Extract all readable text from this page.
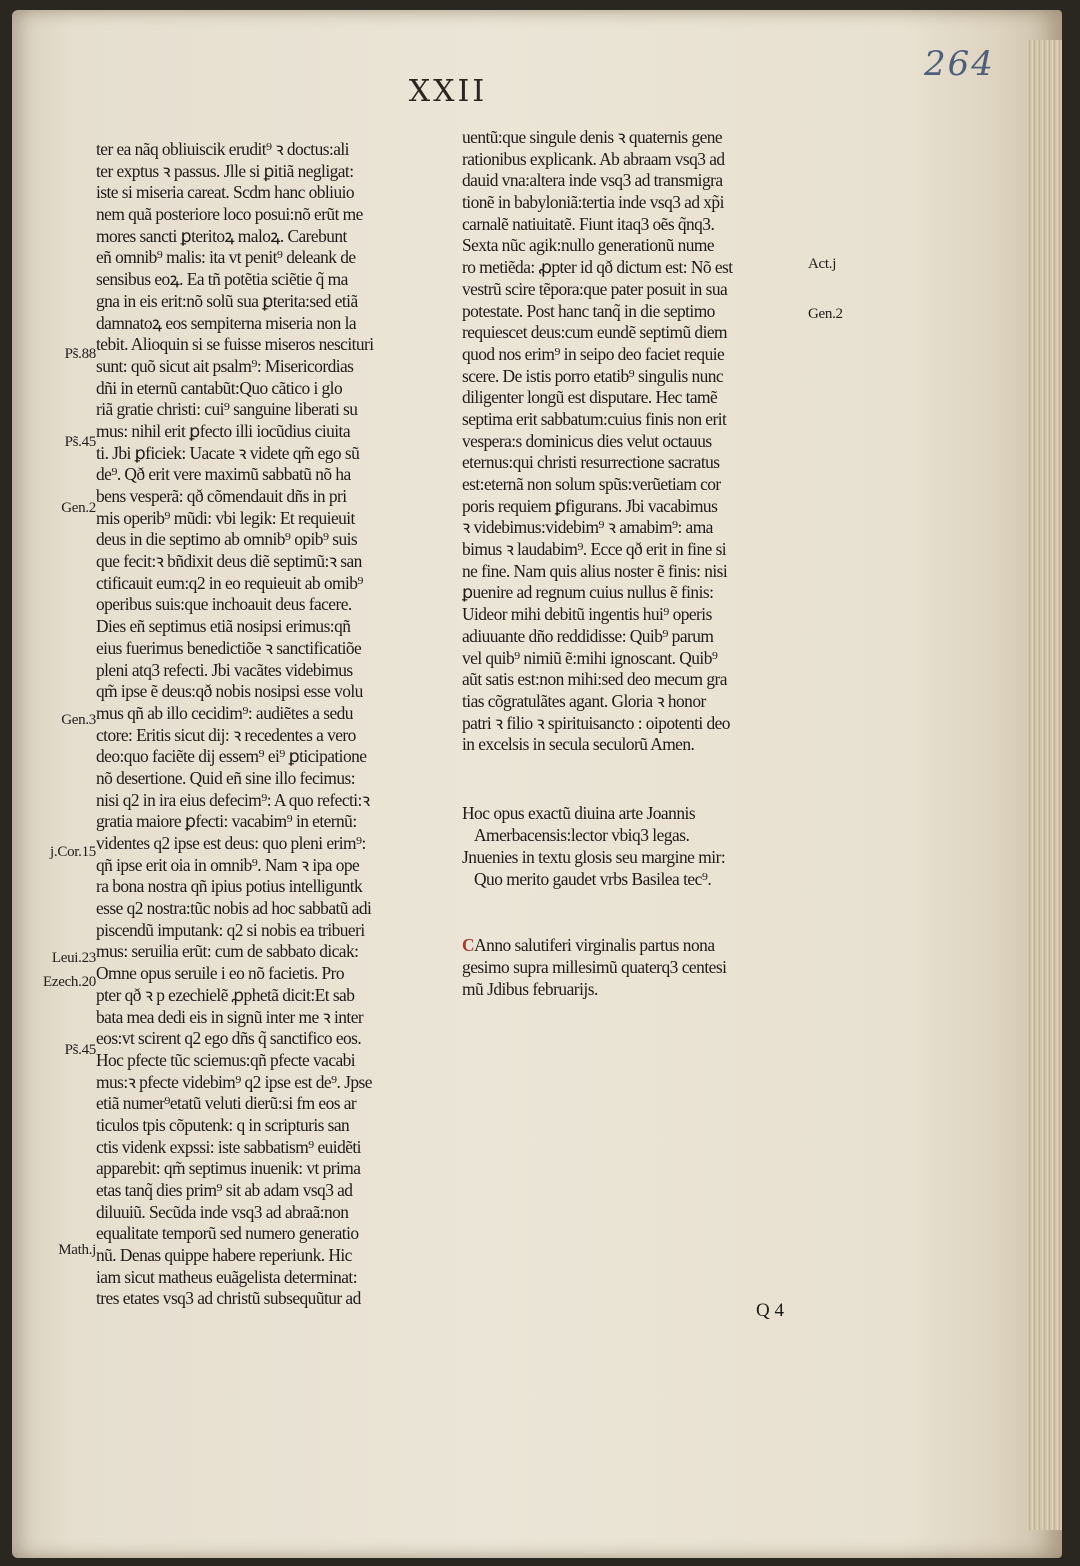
XXII
264
ter ea nãq obliuiscik erudit⁹ ꝛ doctus:ali
ter exptus ꝛ passus. Jlle si ꝑitiã negligat:
iste si miseria careat. Scdm hanc obliuio
nem quã posteriore loco posui:nõ erũt me
mores sancti ꝑteritoꝝ maloꝝ. Carebunt
eñ omnib⁹ malis: ita vt penit⁹ deleank de
sensibus eoꝝ. Ea tñ potẽtia sciẽtie q̃ ma
gna in eis erit:nõ solũ sua ꝑterita:sed etiã
damnatoꝝ eos sempiterna miseria non la
tebit. Alioquin si se fuisse miseros nescituri
sunt: quõ sicut ait psalm⁹: Misericordias
dñi in eternũ cantabũt:Quo cãtico i glo
riã gratie christi: cui⁹ sanguine liberati su
mus: nihil erit ꝑfecto illi iocũdius ciuita
ti. Jbi ꝑficiek: Uacate ꝛ videte qm̃ ego sũ
de⁹. Qð erit vere maximũ sabbatũ nõ ha
bens vesperã: qð cõmendauit dñs in pri
mis operib⁹ mũdi: vbi legik: Et requieuit
deus in die septimo ab omnib⁹ opib⁹ suis
que fecit:ꝛ bñdixit deus diẽ septimũ:ꝛ san
ctificauit eum:q2 in eo requieuit ab omib⁹
operibus suis:que inchoauit deus facere.
Dies eñ septimus etiã nosipsi erimus:qñ
eius fuerimus benedictiõe ꝛ sanctificatiõe
pleni atq3 refecti. Jbi vacãtes videbimus
qm̃ ipse ẽ deus:qð nobis nosipsi esse volu
mus qñ ab illo cecidim⁹: audiẽtes a sedu
ctore: Eritis sicut dij: ꝛ recedentes a vero
deo:quo faciẽte dij essem⁹ ei⁹ ꝑticipatione
nõ desertione. Quid eñ sine illo fecimus:
nisi q2 in ira eius defecim⁹: A quo refecti:ꝛ
gratia maiore ꝑfecti: vacabim⁹ in eternũ:
videntes q2 ipse est deus: quo pleni erim⁹:
qñ ipse erit oia in omnib⁹. Nam ꝛ ipa ope
ra bona nostra qñ ipius potius intelliguntk
esse q2 nostra:tũc nobis ad hoc sabbatũ adi
piscendũ imputank: q2 si nobis ea tribueri
mus: seruilia erũt: cum de sabbato dicak:
Omne opus seruile i eo nõ facietis. Pro
pter qð ꝛ p ezechielẽ ꝓphetã dicit:Et sab
bata mea dedi eis in signũ inter me ꝛ inter
eos:vt scirent q2 ego dñs q̃ sanctifico eos.
Hoc pfecte tũc sciemus:qñ pfecte vacabi
mus:ꝛ pfecte videbim⁹ q2 ipse est de⁹. Jpse
etiã numer⁹etatũ veluti dierũ:si fm eos ar
ticulos tpis cõputenk: q in scripturis san
ctis videnk expssi: iste sabbatism⁹ euidẽti
apparebit: qm̃ septimus inuenik: vt prima
etas tanq̃ dies prim⁹ sit ab adam vsq3 ad
diluuiũ. Secũda inde vsq3 ad abraã:non
equalitate temporũ sed numero generatio
nũ. Denas quippe habere reperiunk. Hic
iam sicut matheus euãgelista determinat:
tres etates vsq3 ad christũ subsequũtur ad
uentũ:que singule denis ꝛ quaternis gene
rationibus explicank. Ab abraam vsq3 ad
dauid vna:altera inde vsq3 ad transmigra
tionẽ in babyloniã:tertia inde vsq3 ad xp̃i
carnalẽ natiuitatẽ. Fiunt itaq3 oẽs q̃nq3.
Sexta nũc agik:nullo generationũ nume
ro metiẽda: ꝓpter id qð dictum est: Nõ est
vestrũ scire tẽpora:que pater posuit in sua
potestate. Post hanc tanq̃ in die septimo
requiescet deus:cum eundẽ septimũ diem
quod nos erim⁹ in seipo deo faciet requie
scere. De istis porro etatib⁹ singulis nunc
diligenter longũ est disputare. Hec tamẽ
septima erit sabbatum:cuius finis non erit
vespera:s dominicus dies velut octauus
eternus:qui christi resurrectione sacratus
est:eternã non solum spũs:verũetiam cor
poris requiem ꝑfigurans. Jbi vacabimus
ꝛ videbimus:videbim⁹ ꝛ amabim⁹: ama
bimus ꝛ laudabim⁹. Ecce qð erit in fine si
ne fine. Nam quis alius noster ẽ finis: nisi
ꝑuenire ad regnum cuius nullus ẽ finis:
Uideor mihi debitũ ingentis hui⁹ operis
adiuuante dño reddidisse: Quib⁹ parum
vel quib⁹ nimiũ ẽ:mihi ignoscant. Quib⁹
aũt satis est:non mihi:sed deo mecum gra
tias cõgratulãtes agant. Gloria ꝛ honor
patri ꝛ filio ꝛ spirituisancto : oipotenti deo
in excelsis in secula seculorũ Amen.
Hoc opus exactũ diuina arte Joannis
Amerbacensis:lector vbiq3 legas.
Jnuenies in textu glosis seu margine mir:
Quo merito gaudet vrbs Basilea tec⁹.
CAnno salutiferi virginalis partus nona
gesimo supra millesimũ quaterq3 centesi
mũ Jdibus februarijs.
Q 4
Ps̃.88
Ps̃.45
Gen.2
Gen.3
j.Cor.15
Leui.23
Ezech.20
Ps̃.45
Math.j
Act.j
Gen.2
